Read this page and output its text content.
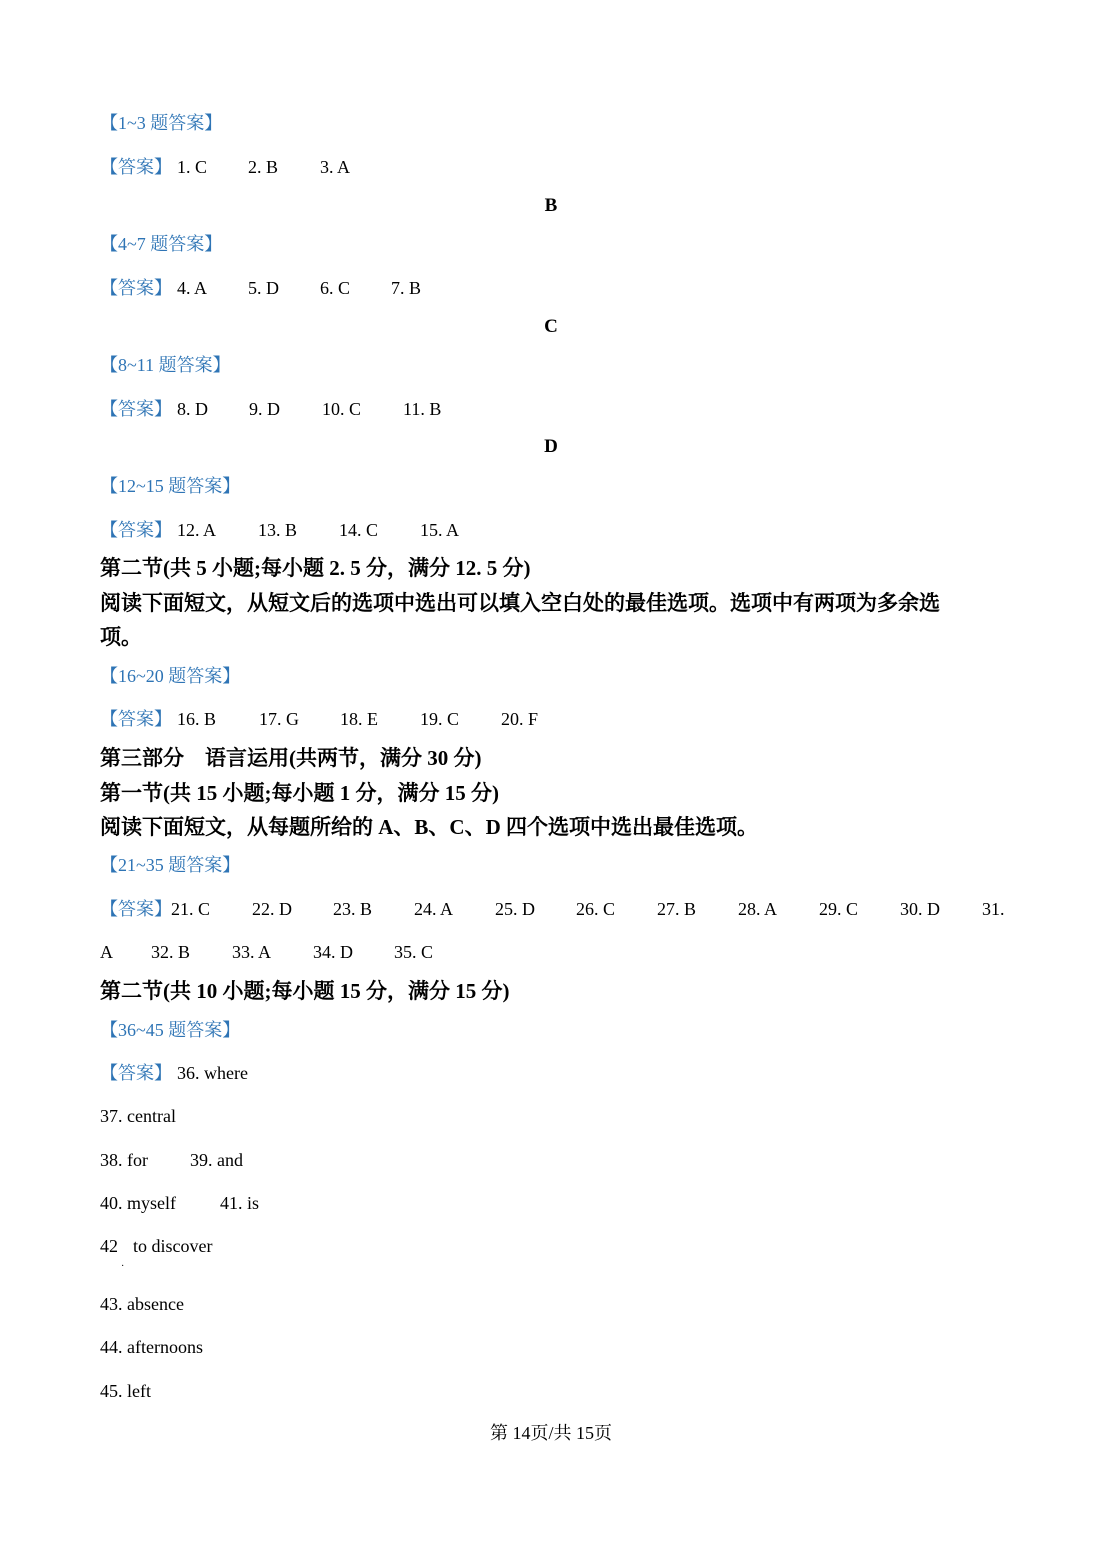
【1~3 题答案】
【答案】 1. C 2. B 3. A
B
【4~7 题答案】
【答案】 4. A 5. D 6. C 7. B
C
【8~11 题答案】
【答案】 8. D 9. D 10. C 11. B
D
【12~15 题答案】
【答案】 12. A 13. B 14. C 15. A
第二节(共 5 小题;每小题 2. 5 分，满分 12. 5 分)
阅读下面短文，从短文后的选项中选出可以填入空白处的最佳选项。选项中有两项为多余选
项。
【16~20 题答案】
【答案】 16. B 17. G 18. E 19. C 20. F
第三部分　语言运用(共两节，满分 30 分)
第一节(共 15 小题;每小题 1 分，满分 15 分)
阅读下面短文，从每题所给的 A、B、C、D 四个选项中选出最佳选项。
【21~35 题答案】
【答案】 21. C 22. D 23. B 24. A 25. D 26. C 27. B 28. A 29. C 30. D 31.
A 32. B 33. A 34. D 35. C
第二节(共 10 小题;每小题 15 分，满分 15 分)
【36~45 题答案】
【答案】 36. where
37. central
38. for 39. and
40. myself 41. is
42 to discover
·
43. absence
44. afternoons
45. left
第 14页/共 15页
